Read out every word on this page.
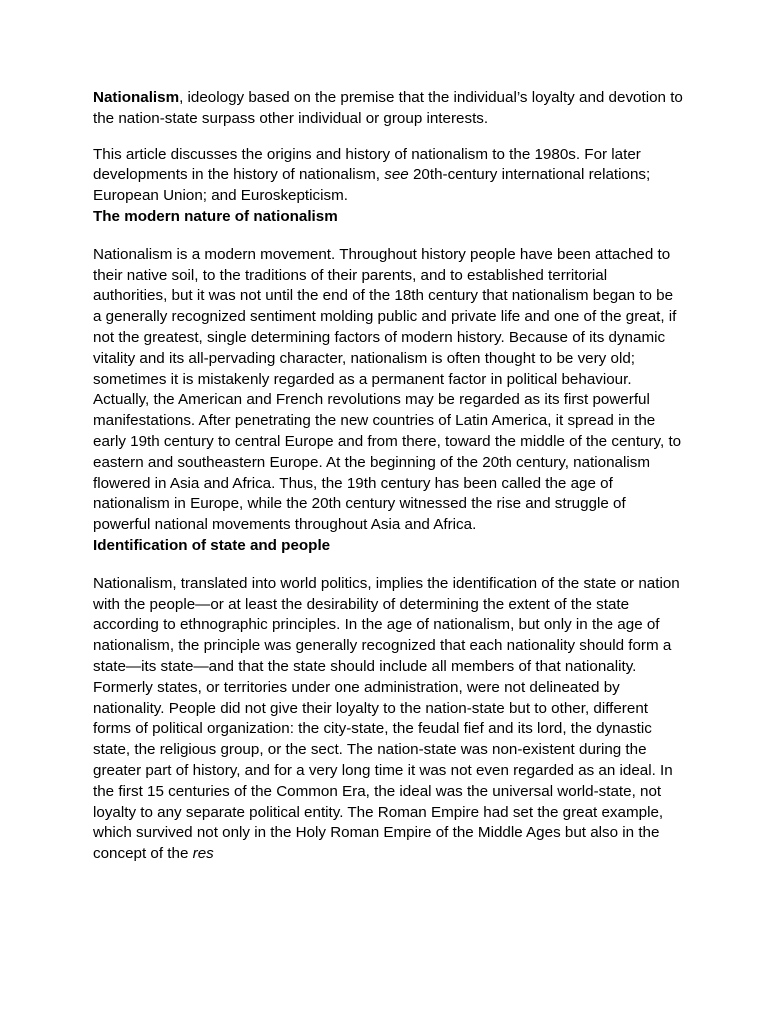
Nationalism, ideology based on the premise that the individual’s loyalty and devotion to the nation-state surpass other individual or group interests.

This article discusses the origins and history of nationalism to the 1980s. For later developments in the history of nationalism, see 20th-century international relations; European Union; and Euroskepticism.

The modern nature of nationalism

Nationalism is a modern movement. Throughout history people have been attached to their native soil, to the traditions of their parents, and to established territorial authorities, but it was not until the end of the 18th century that nationalism began to be a generally recognized sentiment molding public and private life and one of the great, if not the greatest, single determining factors of modern history. Because of its dynamic vitality and its all-pervading character, nationalism is often thought to be very old; sometimes it is mistakenly regarded as a permanent factor in political behaviour. Actually, the American and French revolutions may be regarded as its first powerful manifestations. After penetrating the new countries of Latin America, it spread in the early 19th century to central Europe and from there, toward the middle of the century, to eastern and southeastern Europe. At the beginning of the 20th century, nationalism flowered in Asia and Africa. Thus, the 19th century has been called the age of nationalism in Europe, while the 20th century witnessed the rise and struggle of powerful national movements throughout Asia and Africa.

Identification of state and people

Nationalism, translated into world politics, implies the identification of the state or nation with the people—or at least the desirability of determining the extent of the state according to ethnographic principles. In the age of nationalism, but only in the age of nationalism, the principle was generally recognized that each nationality should form a state—its state—and that the state should include all members of that nationality. Formerly states, or territories under one administration, were not delineated by nationality. People did not give their loyalty to the nation-state but to other, different forms of political organization: the city-state, the feudal fief and its lord, the dynastic state, the religious group, or the sect. The nation-state was non-existent during the greater part of history, and for a very long time it was not even regarded as an ideal. In the first 15 centuries of the Common Era, the ideal was the universal world-state, not loyalty to any separate political entity. The Roman Empire had set the great example, which survived not only in the Holy Roman Empire of the Middle Ages but also in the concept of the res
